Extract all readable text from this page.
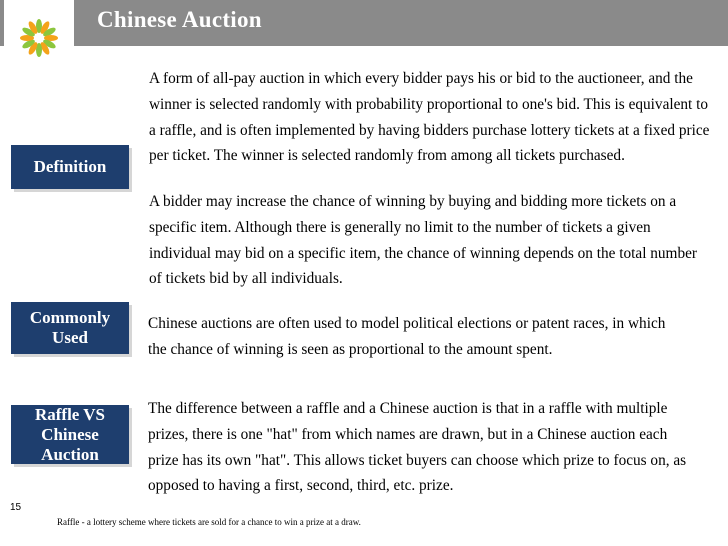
Chinese Auction
Definition
A form of all-pay auction in which every bidder pays his or bid to the auctioneer, and the winner is selected randomly with probability proportional to one's bid. This is equivalent to a raffle, and is often implemented by having bidders purchase lottery tickets at a fixed price per ticket. The winner is selected randomly from among all tickets purchased.
A bidder may increase the chance of winning by buying and bidding more tickets on a specific item. Although there is generally no limit to the number of tickets a given individual may bid on a specific item, the chance of winning depends on the total number of tickets bid by all individuals.
Commonly
Used
Chinese auctions are often used to model political elections or patent races, in which the chance of winning is seen as proportional to the amount spent.
Raffle VS
Chinese
Auction
The difference between a raffle and a Chinese auction is that in a raffle with multiple prizes, there is one "hat" from which names are drawn, but in a Chinese auction each prize has its own "hat". This allows ticket buyers can choose which prize to focus on, as opposed to having a first, second, third, etc. prize.
15
Raffle - a lottery scheme where tickets are sold for a chance to win a prize at a draw.
